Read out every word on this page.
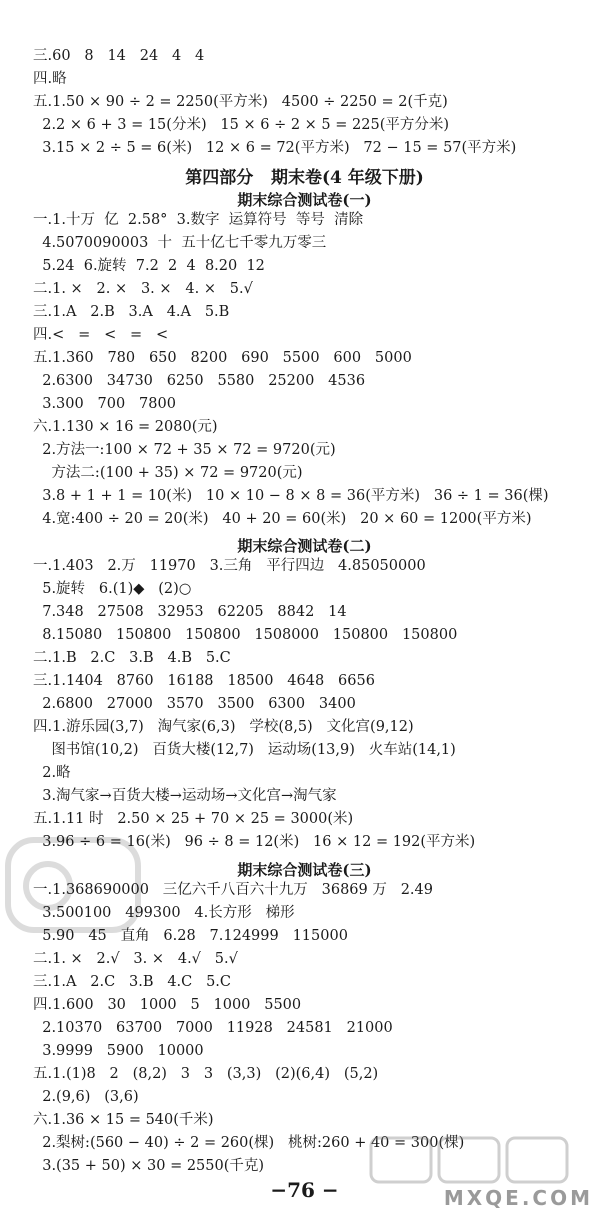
三.60   8   14   24   4   4
四.略
五.1.50 × 90 ÷ 2 = 2250(平方米)   4500 ÷ 2250 = 2(千克)
2.2 × 6 + 3 = 15(分米)   15 × 6 ÷ 2 × 5 = 225(平方分米)
3.15 × 2 ÷ 5 = 6(米)   12 × 6 = 72(平方米)   72 − 15 = 57(平方米)
第四部分   期末卷(4 年级下册)
期末综合测试卷(一)
一.1.十万  亿  2.58°  3.数字  运算符号  等号  清除
4.5070090003  十  五十亿七千零九万零三
5.24  6.旋转  7.2  2  4  8.20  12
二.1. ×   2. ×   3. ×   4. ×   5.√
三.1.A   2.B   3.A   4.A   5.B
四.<   =   <   =   <
五.1.360   780   650   8200   690   5500   600   5000
2.6300   34730   6250   5580   25200   4536
3.300   700   7800
六.1.130 × 16 = 2080(元)
2.方法一:100 × 72 + 35 × 72 = 9720(元)
方法二:(100 + 35) × 72 = 9720(元)
3.8 + 1 + 1 = 10(米)   10 × 10 − 8 × 8 = 36(平方米)   36 ÷ 1 = 36(棵)
4.宽:400 ÷ 20 = 20(米)   40 + 20 = 60(米)   20 × 60 = 1200(平方米)
期末综合测试卷(二)
一.1.403   2.万   11970   3.三角   平行四边   4.85050000
5.旋转   6.(1)◆   (2)○
7.348   27508   32953   62205   8842   14
8.15080   150800   150800   1508000   150800   150800
二.1.B   2.C   3.B   4.B   5.C
三.1.1404   8760   16188   18500   4648   6656
2.6800   27000   3570   3500   6300   3400
四.1.游乐园(3,7)   淘气家(6,3)   学校(8,5)   文化宫(9,12)
图书馆(10,2)   百货大楼(12,7)   运动场(13,9)   火车站(14,1)
2.略
3.淘气家→百货大楼→运动场→文化宫→淘气家
五.1.11 时   2.50 × 25 + 70 × 25 = 3000(米)
3.96 ÷ 6 = 16(米)   96 ÷ 8 = 12(米)   16 × 12 = 192(平方米)
期末综合测试卷(三)
一.1.368690000   三亿六千八百六十九万   36869 万   2.49
3.500100   499300   4.长方形   梯形
5.90   45   直角   6.28   7.124999   115000
二.1. ×   2.√   3. ×   4.√   5.√
三.1.A   2.C   3.B   4.C   5.C
四.1.600   30   1000   5   1000   5500
2.10370   63700   7000   11928   24581   21000
3.9999   5900   10000
五.1.(1)8   2   (8,2)   3   3   (3,3)   (2)(6,4)   (5,2)
2.(9,6)   (3,6)
六.1.36 × 15 = 540(千米)
2.梨树:(560 − 40) ÷ 2 = 260(棵)   桃树:260 + 40 = 300(棵)
3.(35 + 50) × 30 = 2550(千克)
−76 −	MXQE.COM
